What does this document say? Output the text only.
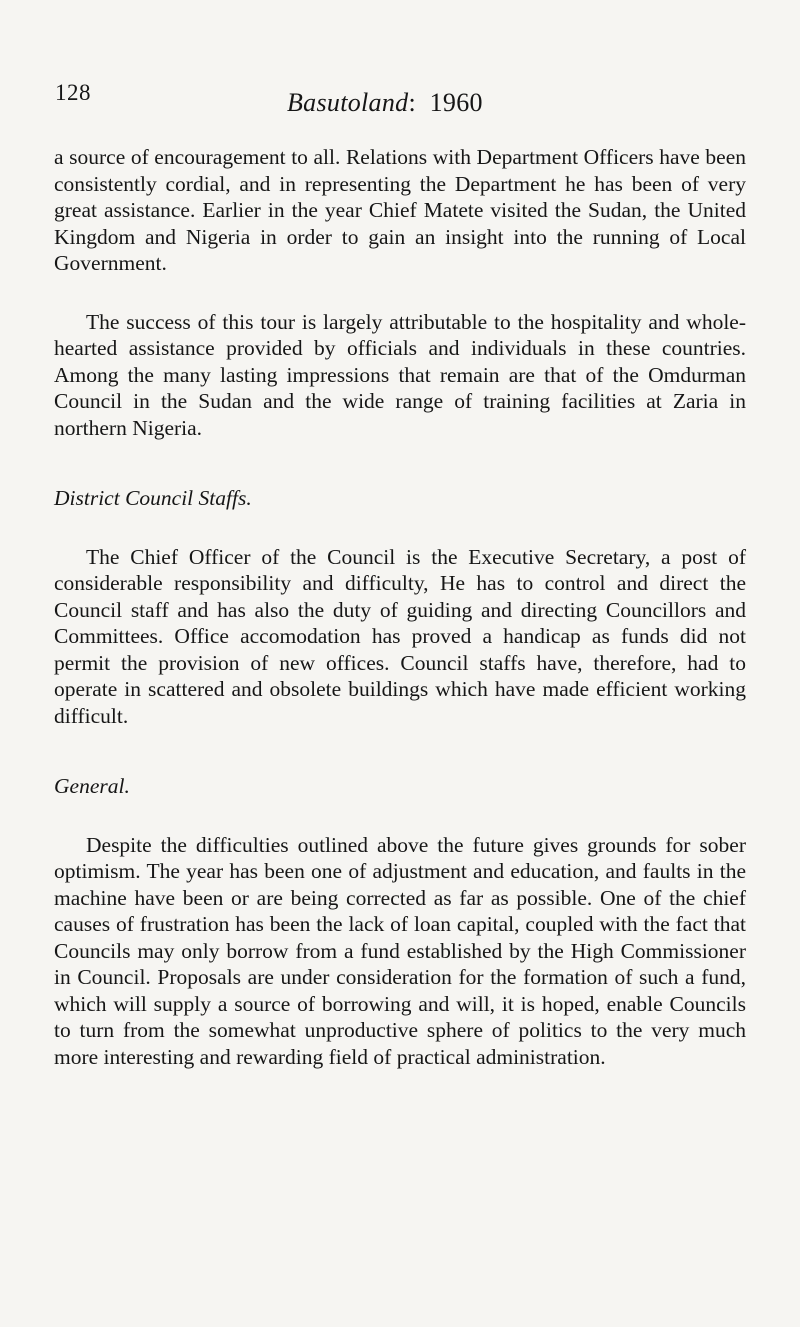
128	Basutoland: 1960

a source of encouragement to all. Relations with Department Officers have been consistently cordial, and in representing the Department he has been of very great assistance. Earlier in the year Chief Matete visited the Sudan, the United Kingdom and Nigeria in order to gain an insight into the running of Local Government.

The success of this tour is largely attributable to the hospitality and whole-hearted assistance provided by officials and individuals in these countries. Among the many lasting impressions that remain are that of the Omdurman Council in the Sudan and the wide range of training facilities at Zaria in northern Nigeria.

District Council Staffs.

The Chief Officer of the Council is the Executive Secretary, a post of considerable responsibility and difficulty, He has to control and direct the Council staff and has also the duty of guiding and directing Councillors and Committees. Office accomodation has proved a handicap as funds did not permit the provision of new offices. Council staffs have, therefore, had to operate in scattered and obsolete buildings which have made efficient working difficult.

General.

Despite the difficulties outlined above the future gives grounds for sober optimism. The year has been one of adjustment and education, and faults in the machine have been or are being corrected as far as possible. One of the chief causes of frustration has been the lack of loan capital, coupled with the fact that Councils may only borrow from a fund established by the High Commissioner in Council. Proposals are under consideration for the formation of such a fund, which will supply a source of borrowing and will, it is hoped, enable Councils to turn from the somewhat unproductive sphere of politics to the very much more interesting and rewarding field of practical administration.
